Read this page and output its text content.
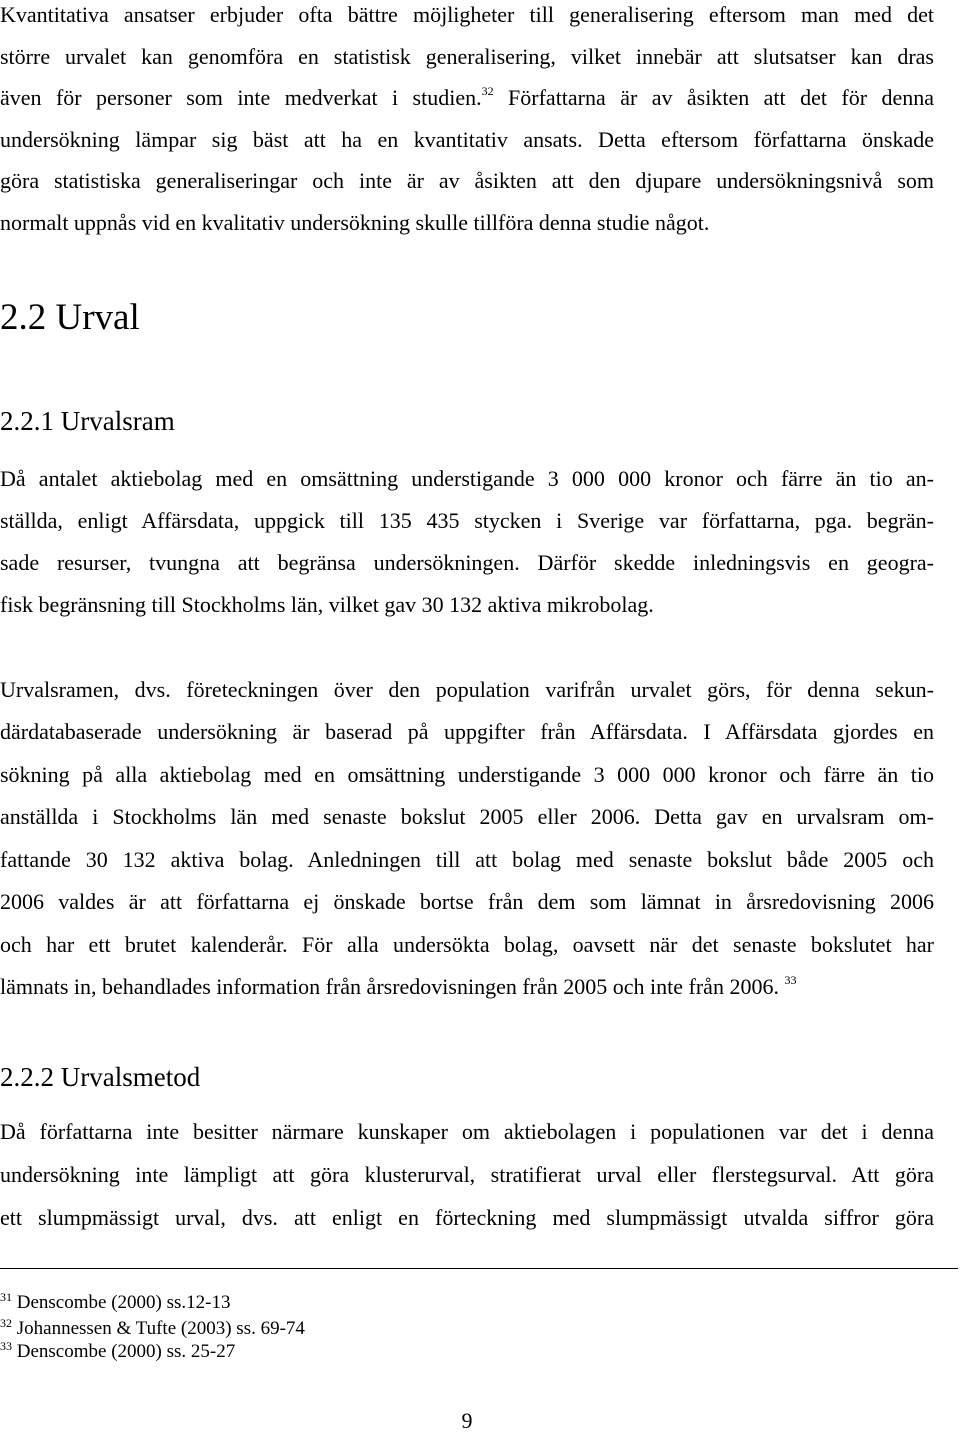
Kvantitativa ansatser erbjuder ofta bättre möjligheter till generalisering eftersom man med det
större urvalet kan genomföra en statistisk generalisering, vilket innebär att slutsatser kan dras
även för personer som inte medverkat i studien.$^{32}$ Författarna är av åsikten att det för denna
undersökning lämpar sig bäst att ha en kvantitativ ansats. Detta eftersom författarna önskade
göra statistiska generaliseringar och inte är av åsikten att den djupare undersökningsnivå som
normalt uppnås vid en kvalitativ undersökning skulle tillföra denna studie något.
2.2 Urval
2.2.1 Urvalsram
Då antalet aktiebolag med en omsättning understigande 3 000 000 kronor och färre än tio an-
ställda, enligt Affärsdata, uppgick till 135 435 stycken i Sverige var författarna, pga. begrän-
sade resurser, tvungna att begränsa undersökningen. Därför skedde inledningsvis en geogra-
fisk begränsning till Stockholms län, vilket gav 30 132 aktiva mikrobolag.
Urvalsramen, dvs. företeckningen över den population varifrån urvalet görs, för denna sekun-
därdatabaserade undersökning är baserad på uppgifter från Affärsdata. I Affärsdata gjordes en
sökning på alla aktiebolag med en omsättning understigande 3 000 000 kronor och färre än tio
anställda i Stockholms län med senaste bokslut 2005 eller 2006. Detta gav en urvalsram om-
fattande 30 132 aktiva bolag. Anledningen till att bolag med senaste bokslut både 2005 och
2006 valdes är att författarna ej önskade bortse från dem som lämnat in årsredovisning 2006
och har ett brutet kalenderår. För alla undersökta bolag, oavsett när det senaste bokslutet har
lämnats in, behandlades information från årsredovisningen från 2005 och inte från 2006. $^{33}$
2.2.2 Urvalsmetod
Då författarna inte besitter närmare kunskaper om aktiebolagen i populationen var det i denna
undersökning inte lämpligt att göra klusterurval, stratifierat urval eller flerstegsurval. Att göra
ett slumpmässigt urval, dvs. att enligt en förteckning med slumpmässigt utvalda siffror göra
$^{31}$ Denscombe (2000) ss.12-13
$^{32}$ Johannessen & Tufte (2003) ss. 69-74
$^{33}$ Denscombe (2000) ss. 25-27
9
